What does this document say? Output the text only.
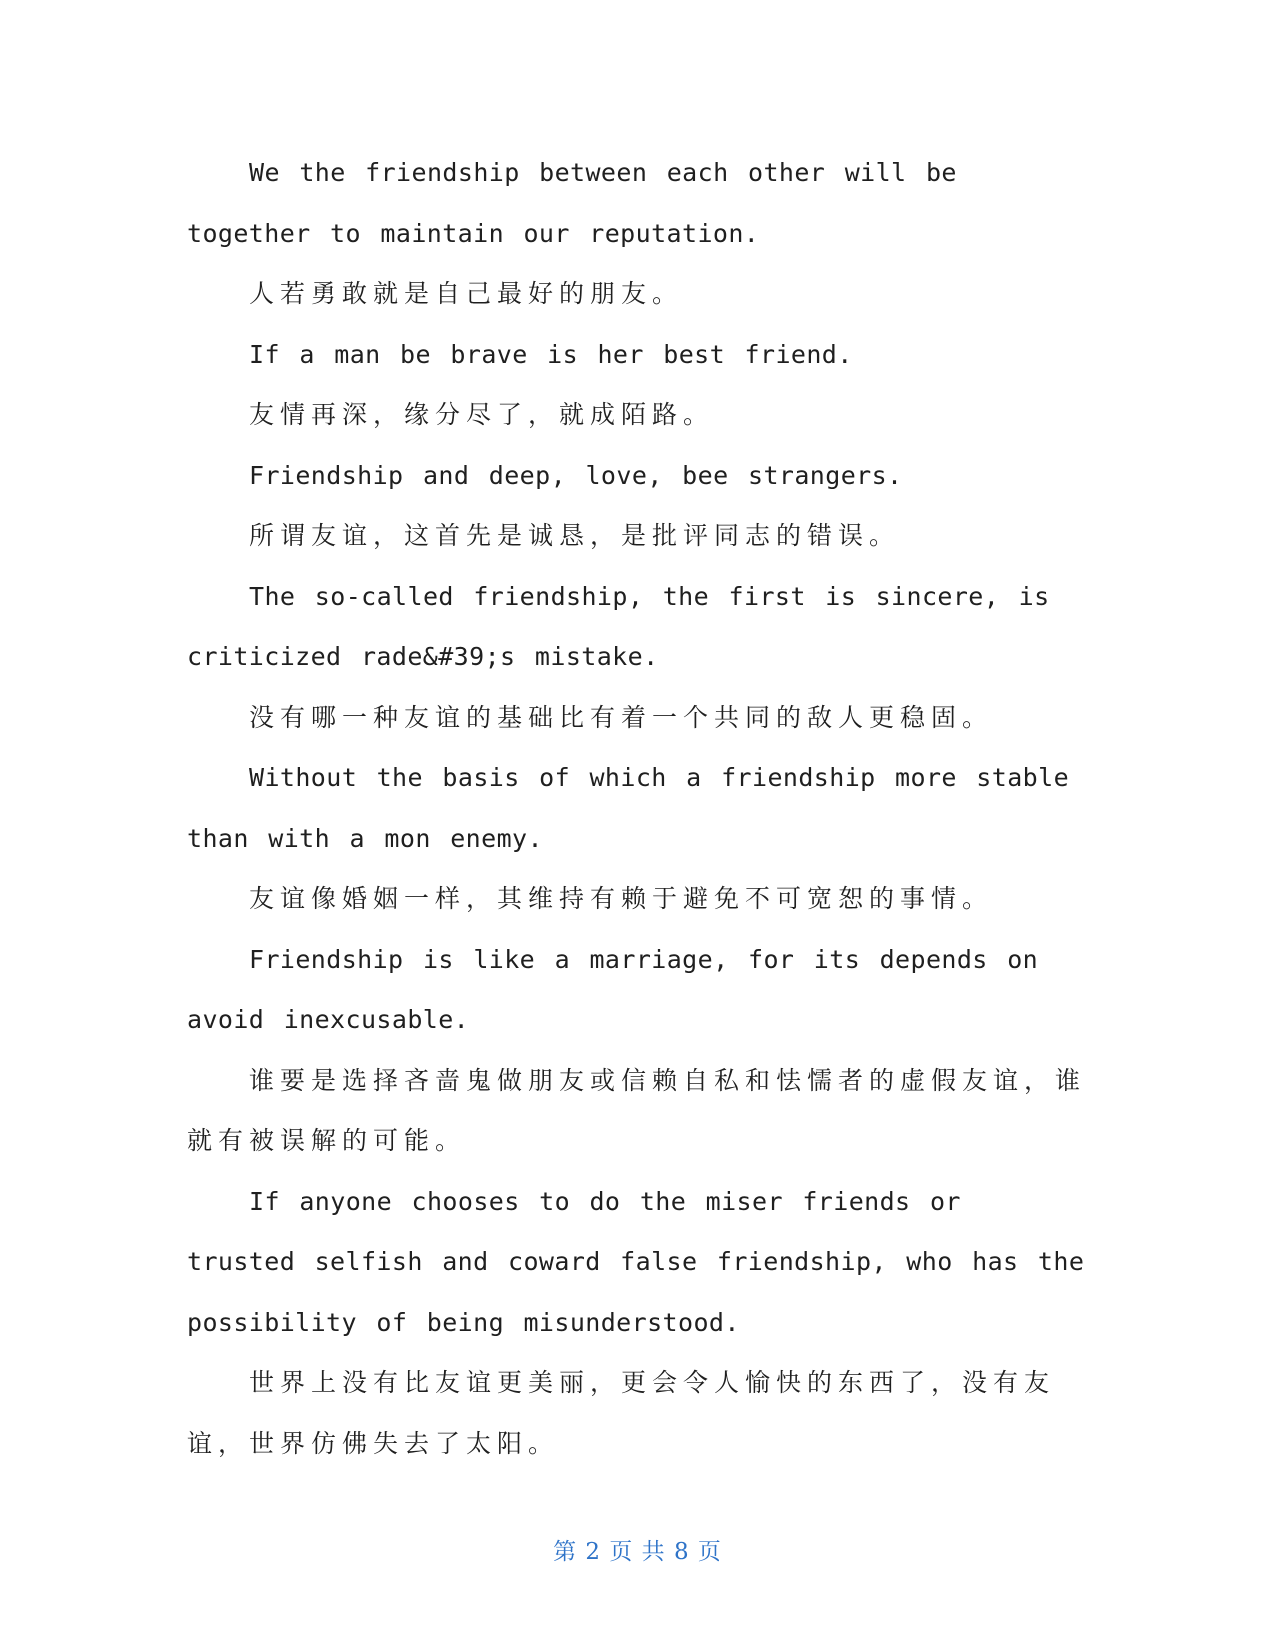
We the friendship between each other will be together to maintain our reputation.

人若勇敢就是自己最好的朋友。

If a man be brave is her best friend.

友情再深，缘分尽了，就成陌路。

Friendship and deep, love, bee strangers.

所谓友谊，这首先是诚恳，是批评同志的错误。

The so-called friendship, the first is sincere, is criticized rade&#39;s mistake.

没有哪一种友谊的基础比有着一个共同的敌人更稳固。

Without the basis of which a friendship more stable than with a mon enemy.

友谊像婚姻一样，其维持有赖于避免不可宽恕的事情。

Friendship is like a marriage, for its depends on avoid inexcusable.

谁要是选择吝啬鬼做朋友或信赖自私和怯懦者的虚假友谊，谁就有被误解的可能。

If anyone chooses to do the miser friends or trusted selfish and coward false friendship, who has the possibility of being misunderstood.

世界上没有比友谊更美丽，更会令人愉快的东西了，没有友谊，世界仿佛失去了太阳。

第 2 页 共 8 页
